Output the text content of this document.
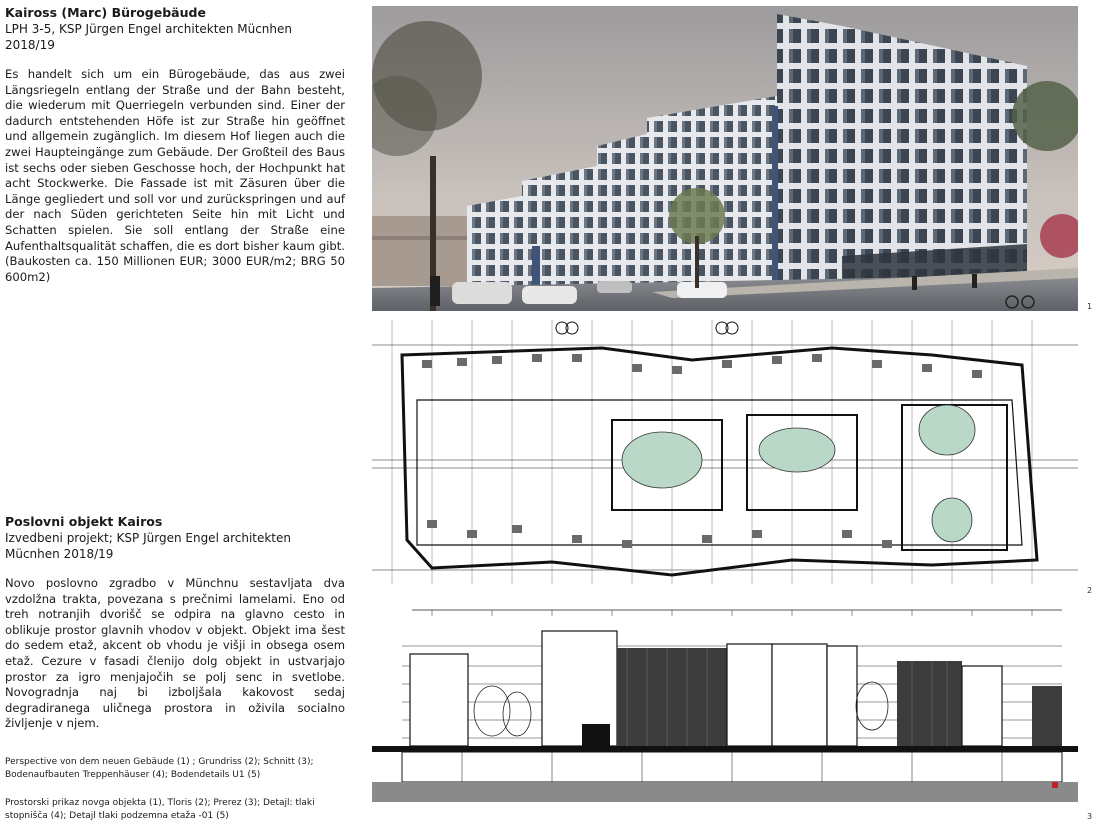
Kaiross (Marc) Bürogebäude
LPH 3-5, KSP Jürgen Engel architekten Mücnhen 2018/19

Es handelt sich um ein Bürogebäude, das aus zwei Längsriegeln entlang der Straße und der Bahn besteht, die wiederum mit Querriegeln verbunden sind. Einer der dadurch entstehenden Höfe ist zur Straße hin geöffnet und allgemein zugänglich. Im diesem Hof liegen auch die zwei Haupteingänge zum Gebäude. Der Großteil des Baus ist sechs oder sieben Geschosse hoch, der Hochpunkt hat acht Stockwerke. Die Fassade ist mit Zäsuren über die Länge gegliedert und soll vor und zurückspringen und auf der nach Süden gerichteten Seite hin mit Licht und Schatten spielen. Sie soll entlang der Straße eine Aufenthaltsqualität schaffen, die es dort bisher kaum gibt. (Baukosten ca. 150 Millionen EUR; 3000 EUR/m2; BRG 50 600m2)

Poslovni objekt Kairos
Izvedbeni projekt; KSP Jürgen Engel architekten Mücnhen 2018/19

Novo poslovno zgradbo v Münchnu sestavljata dva vzdolžna trakta, povezana s prečnimi lamelami. Eno od treh notranjih dvorišč se odpira na glavno cesto in oblikuje prostor glavnih vhodov v objekt. Objekt ima šest do sedem etaž, akcent ob vhodu je višji in obsega osem etaž. Cezure v fasadi členijo dolg objekt in ustvarjajo prostor za igro menjajočih se polj senc in svetlobe. Novogradnja naj bi izboljšala kakovost sedaj degradiranega uličnega prostora in oživila socialno življenje v njem.

Perspective von dem neuen Gebäude (1) ; Grundriss (2); Schnitt (3); Bodenaufbauten Treppenhäuser (4); Bodendetails U1 (5)

Prostorski prikaz novga objekta (1), Tloris (2); Prerez (3); Detajl: tlaki stopnišča (4); Detajl tlaki podzemna etaža -01 (5)

1
2
3
